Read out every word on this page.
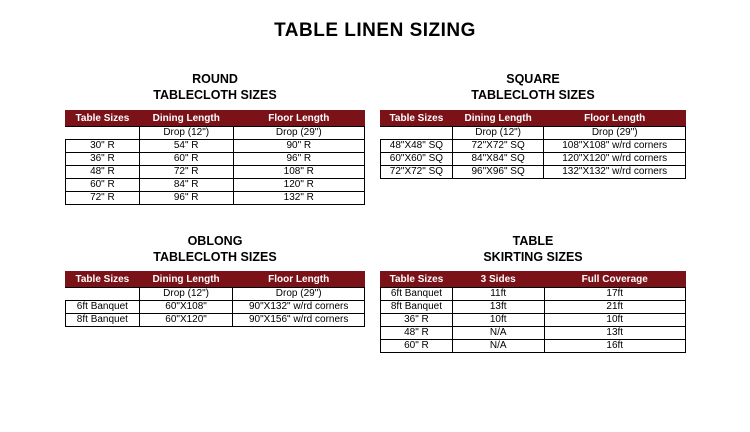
TABLE LINEN SIZING
ROUND
TABLECLOTH SIZES
Table Sizes	Dining Length	Floor Length
	Drop (12")	Drop (29")
30" R	54" R	90" R
36" R	60" R	96" R
48" R	72" R	108" R
60" R	84" R	120" R
72" R	96" R	132" R
SQUARE
TABLECLOTH SIZES
Table Sizes	Dining Length	Floor Length
	Drop (12")	Drop (29")
48"X48" SQ	72"X72" SQ	108"X108" w/rd corners
60"X60" SQ	84"X84" SQ	120"X120" w/rd corners
72"X72" SQ	96"X96" SQ	132"X132" w/rd corners
OBLONG
TABLECLOTH SIZES
Table Sizes	Dining Length	Floor Length
	Drop (12")	Drop (29")
6ft Banquet	60"X108"	90"X132" w/rd corners
8ft Banquet	60"X120"	90"X156" w/rd corners
TABLE
SKIRTING SIZES
Table Sizes	3 Sides	Full Coverage
6ft Banquet	11ft	17ft
8ft Banquet	13ft	21ft
36" R	10ft	10ft
48" R	N/A	13ft
60" R	N/A	16ft
